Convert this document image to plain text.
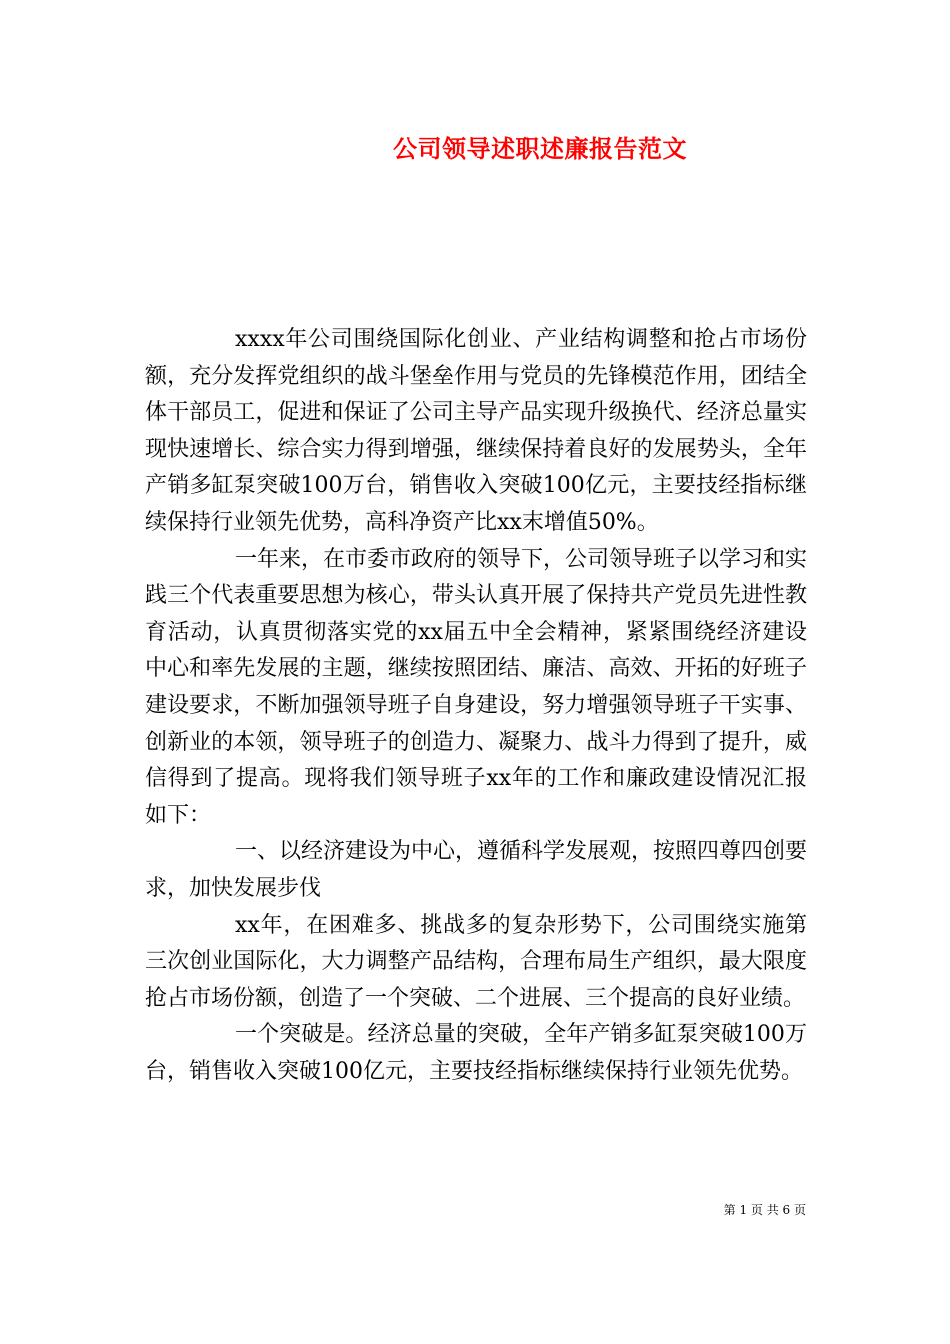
公司领导述职述廉报告范文

xxxx年公司围绕国际化创业、产业结构调整和抢占市场份额，充分发挥党组织的战斗堡垒作用与党员的先锋模范作用，团结全体干部员工，促进和保证了公司主导产品实现升级换代、经济总量实现快速增长、综合实力得到增强，继续保持着良好的发展势头，全年产销多缸泵突破100万台，销售收入突破100亿元，主要技经指标继续保持行业领先优势，高科净资产比xx末增值50%。

一年来，在市委市政府的领导下，公司领导班子以学习和实践三个代表重要思想为核心，带头认真开展了保持共产党员先进性教育活动，认真贯彻落实党的xx届五中全会精神，紧紧围绕经济建设中心和率先发展的主题，继续按照团结、廉洁、高效、开拓的好班子建设要求，不断加强领导班子自身建设，努力增强领导班子干实事、创新业的本领，领导班子的创造力、凝聚力、战斗力得到了提升，威信得到了提高。现将我们领导班子xx年的工作和廉政建设情况汇报如下：

一、以经济建设为中心，遵循科学发展观，按照四尊四创要求，加快发展步伐

xx年，在困难多、挑战多的复杂形势下，公司围绕实施第三次创业国际化，大力调整产品结构，合理布局生产组织，最大限度抢占市场份额，创造了一个突破、二个进展、三个提高的良好业绩。

一个突破是。经济总量的突破，全年产销多缸泵突破100万台，销售收入突破100亿元，主要技经指标继续保持行业领先优势。

第 1 页 共 6 页
